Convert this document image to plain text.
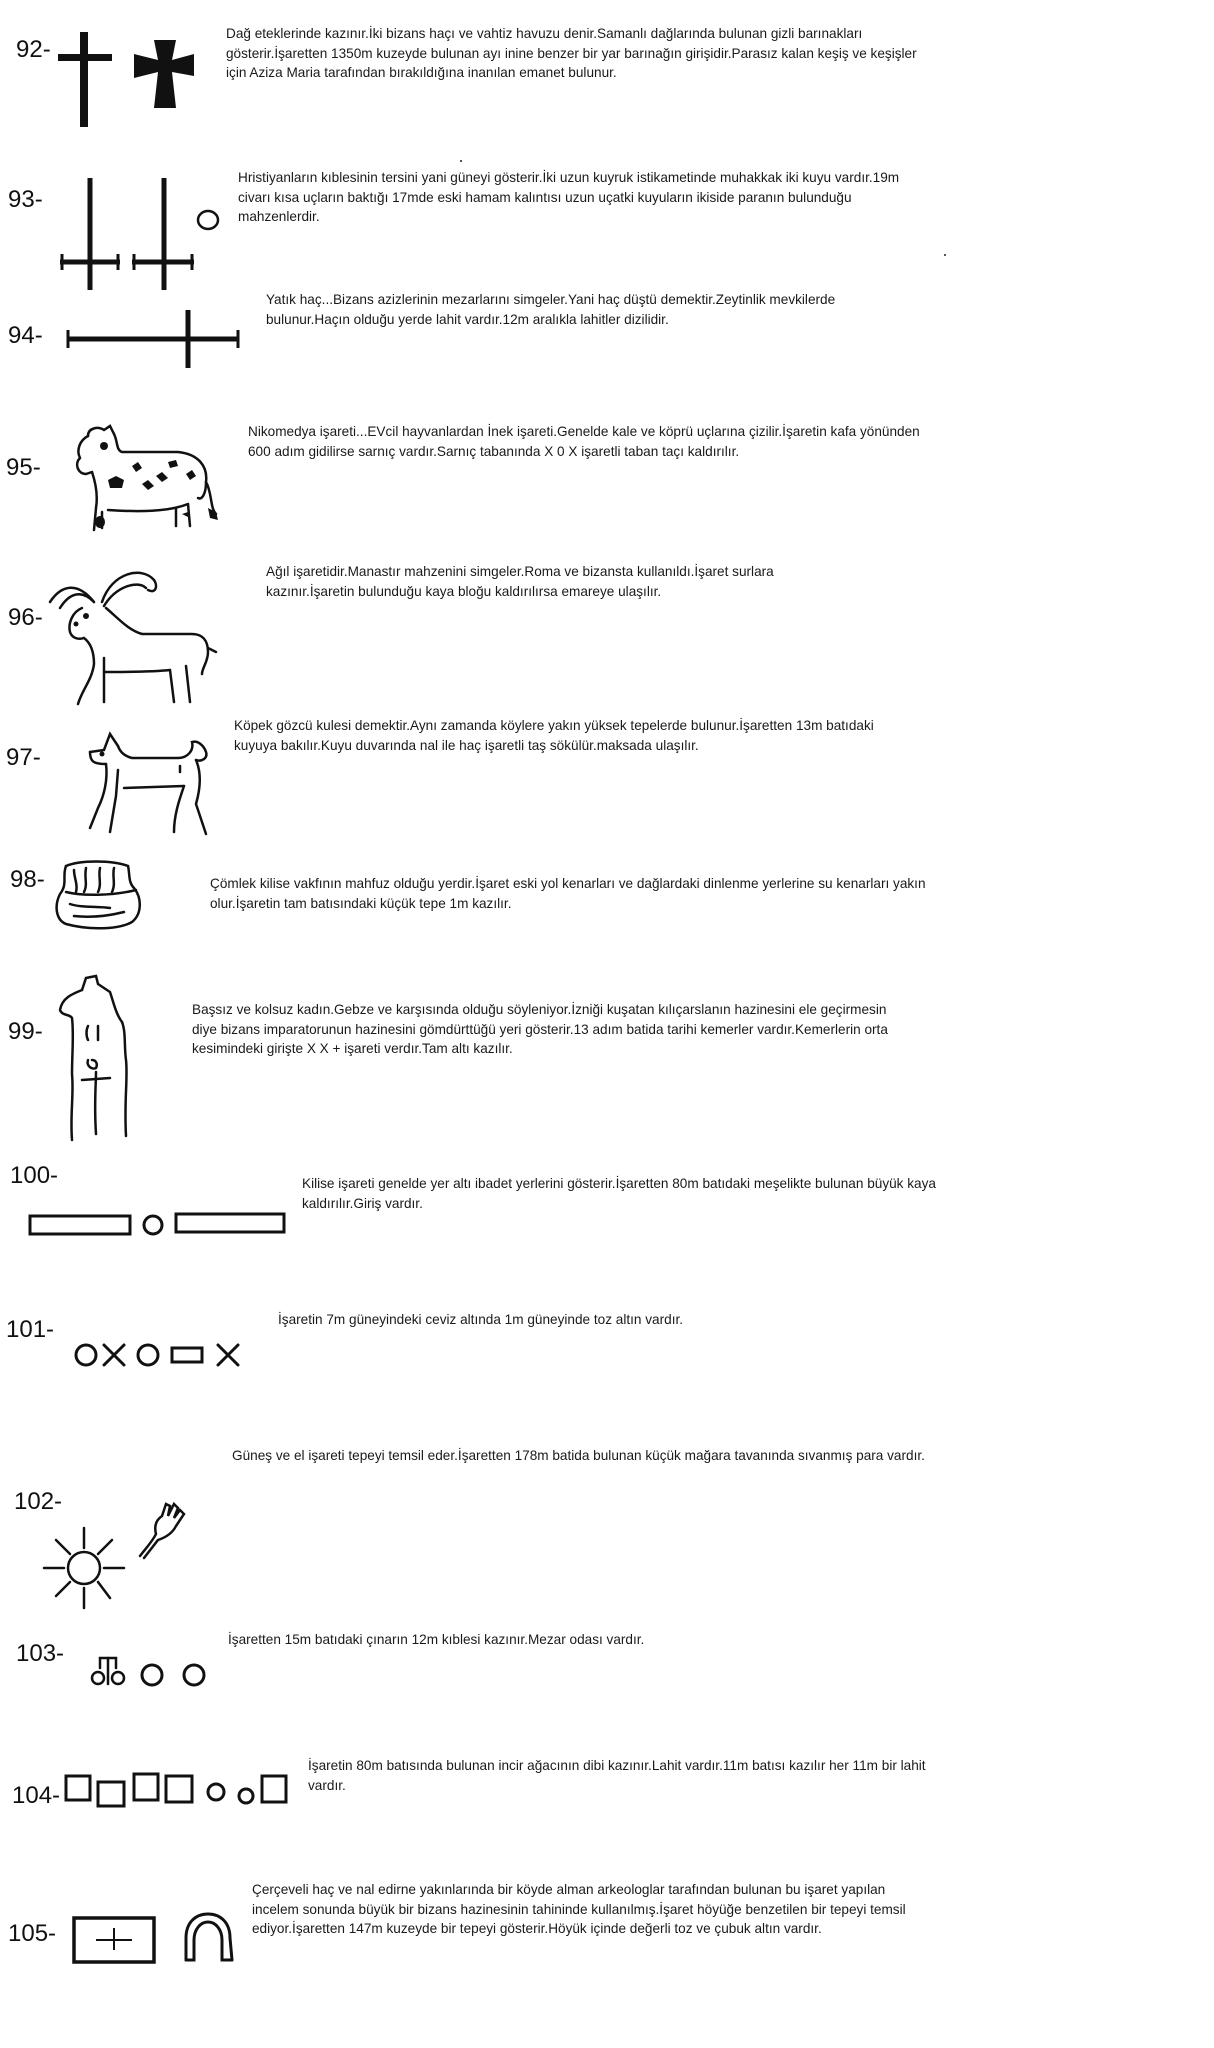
92-
Dağ eteklerinde kazınır.İki bizans haçı ve vahtiz havuzu denir.Samanlı dağlarında bulunan gizli barınakları gösterir.İşaretten 1350m kuzeyde bulunan ayı inine benzer bir yar barınağın girişidir.Parasız kalan keşiş ve keşişler için Aziza Maria tarafından bırakıldığına inanılan emanet bulunur.
93-
Hristiyanların kıblesinin tersini yani güneyi gösterir.İki uzun kuyruk istikametinde muhakkak iki kuyu vardır.19m civarı kısa uçların baktığı 17mde eski hamam kalıntısı uzun uçatki kuyuların ikiside paranın bulunduğu mahzenlerdir.
94-
Yatık haç...Bizans azizlerinin mezarlarını simgeler.Yani haç düştü demektir.Zeytinlik mevkilerde bulunur.Haçın olduğu yerde lahit vardır.12m aralıkla lahitler dizilidir.
95-
Nikomedya işareti...EVcil hayvanlardan İnek işareti.Genelde kale ve köprü uçlarına çizilir.İşaretin kafa yönünden 600 adım gidilirse sarnıç vardır.Sarnıç tabanında X 0 X işaretli taban taçı kaldırılır.
96-
Ağıl işaretidir.Manastır mahzenini simgeler.Roma ve bizansta kullanıldı.İşaret surlara kazınır.İşaretin bulunduğu kaya bloğu kaldırılırsa emareye ulaşılır.
97-
Köpek gözcü kulesi demektir.Aynı zamanda köylere yakın yüksek tepelerde bulunur.İşaretten 13m batıdaki kuyuya bakılır.Kuyu duvarında nal ile haç işaretli taş sökülür.maksada ulaşılır.
98-	Çömlek kilise vakfının mahfuz olduğu yerdir.İşaret eski yol kenarları ve dağlardaki dinlenme yerlerine su kenarları yakın olur.İşaretin tam batısındaki küçük tepe 1m kazılır.
99-
Başsız ve kolsuz kadın.Gebze ve karşısında olduğu söyleniyor.İzniği kuşatan kılıçarslanın hazinesini ele geçirmesin diye bizans imparatorunun hazinesini gömdürttüğü yeri gösterir.13 adım batida tarihi kemerler vardır.Kemerlerin orta kesimindeki girişte X X + işareti verdır.Tam altı kazılır.
100-	Kilise işareti genelde yer altı ibadet yerlerini gösterir.İşaretten 80m batıdaki meşelikte bulunan büyük kaya kaldırılır.Giriş vardır.
101-	İşaretin 7m güneyindeki ceviz altında 1m güneyinde toz altın vardır.
102-
Güneş ve el işareti tepeyi temsil eder.İşaretten 178m batida bulunan küçük mağara tavanında sıvanmış para vardır.
103-
İşaretten 15m batıdaki çınarın 12m kıblesi kazınır.Mezar odası vardır.
104-
İşaretin 80m batısında bulunan incir ağacının dibi kazınır.Lahit vardır.11m batısı kazılır her 11m bir lahit vardır.
105-
Çerçeveli haç ve nal edirne yakınlarında bir köyde alman arkeologlar tarafından bulunan bu işaret yapılan incelem sonunda büyük bir bizans hazinesinin tahininde kullanılmış.İşaret höyüğe benzetilen bir tepeyi temsil ediyor.İşaretten 147m kuzeyde bir tepeyi gösterir.Höyük içinde değerli toz ve çubuk altın vardır.
